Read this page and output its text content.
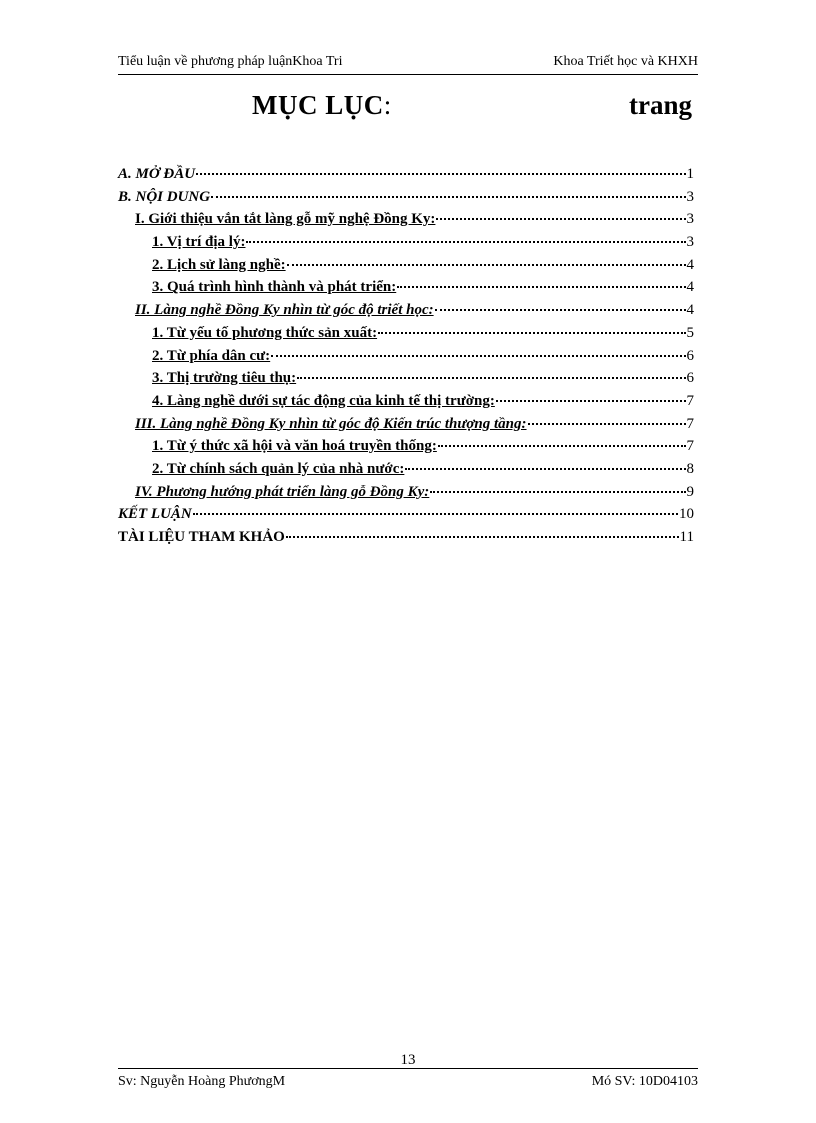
Tiểu luận về phương pháp luậnKhoa Tri	Khoa Triết học và KHXH
MỤC LỤC:	trang
A. MỞ ĐẦU	1
B. NỘI DUNG	3
I. Giới thiệu vắn tắt làng gỗ mỹ nghệ Đồng Ky:	3
1. Vị trí địa lý:	3
2. Lịch sử làng nghề:	4
3. Quá trình hình thành và phát triển:	4
II. Làng nghề Đồng Ky nhìn từ góc độ triết học:	4
1. Từ yếu tố phương thức sản xuất:	5
2. Từ phía dân cư:	6
3. Thị trường tiêu thụ:	6
4. Làng nghề dưới sự tác động của kinh tế thị trường:	7
III. Làng nghề Đồng Ky nhìn từ góc độ Kiến trúc thượng tầng:	7
1. Từ ý thức xã hội và văn hoá truyền thống:	7
2. Từ chính sách quản lý của nhà nước:	8
IV. Phương hướng phát triển làng gỗ Đồng Ky:	9
KẾT LUẬN	10
TÀI LIỆU THAM KHẢO	11
13
Sv: Nguyễn Hoàng PhươngM	Mó SV: 10D04103
